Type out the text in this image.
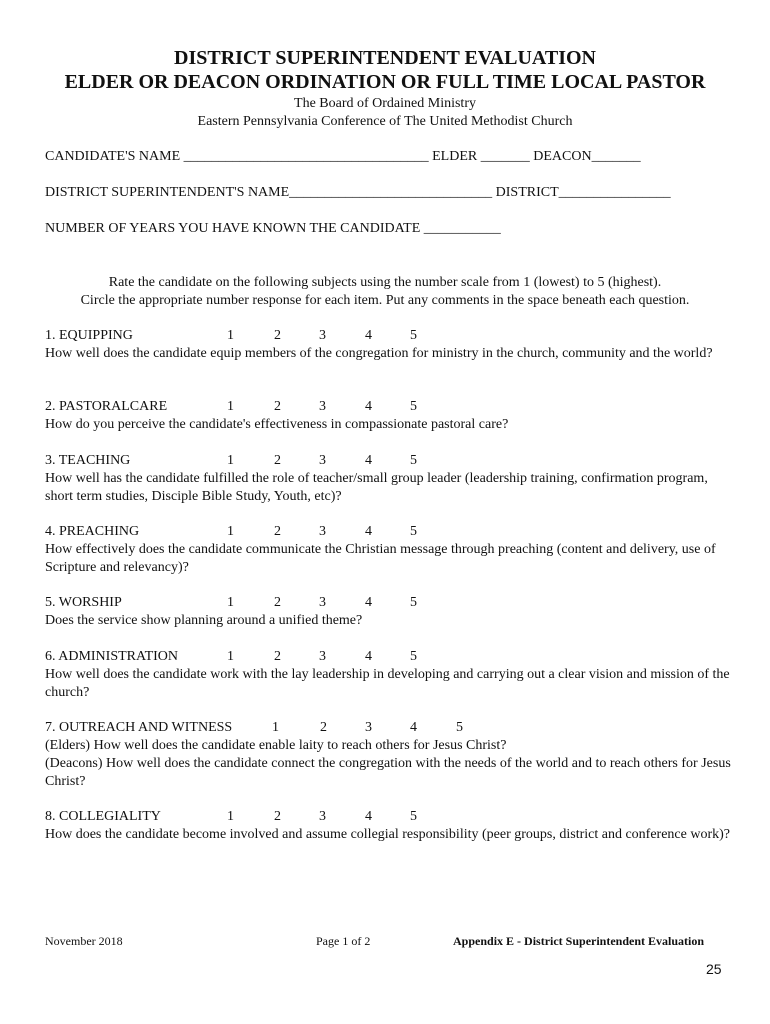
DISTRICT SUPERINTENDENT EVALUATION
ELDER OR DEACON ORDINATION OR FULL TIME LOCAL PASTOR

The Board of Ordained Ministry

Eastern Pennsylvania Conference of The United Methodist Church

CANDIDATE'S NAME ___________________________________ ELDER _______ DEACON_______

DISTRICT SUPERINTENDENT'S NAME_____________________________ DISTRICT________________

NUMBER OF YEARS YOU HAVE KNOWN THE CANDIDATE ___________

Rate the candidate on the following subjects using the number scale from 1 (lowest) to 5 (highest).

Circle the appropriate number response for each item. Put any comments in the space beneath each question.

1. EQUIPPING	1	2	3	4	5
How well does the candidate equip members of the congregation for ministry in the church, community and the world?
2. PASTORALCARE	1	2	3	4	5
How do you perceive the candidate's effectiveness in compassionate pastoral care?
3. TEACHING	1	2	3	4	5
How well has the candidate fulfilled the role of teacher/small group leader (leadership training, confirmation program, short term studies, Disciple Bible Study, Youth, etc)?
4. PREACHING	1	2	3	4	5
How effectively does the candidate communicate the Christian message through preaching (content and delivery, use of Scripture and relevancy)?
5. WORSHIP	1	2	3	4	5
Does the service show planning around a unified theme?
6. ADMINISTRATION	1	2	3	4	5
How well does the candidate work with the lay leadership in developing and carrying out a clear vision and mission of the church?
7. OUTREACH AND WITNESS	1	2	3	4	5
(Elders) How well does the candidate enable laity to reach others for Jesus Christ?
(Deacons) How well does the candidate connect the congregation with the needs of the world and to reach others for Jesus Christ?
8. COLLEGIALITY	1	2	3	4	5
How does the candidate become involved and assume collegial responsibility (peer groups, district and conference work)?
November 2018	Page 1 of 2	Appendix E - District Superintendent Evaluation
25
